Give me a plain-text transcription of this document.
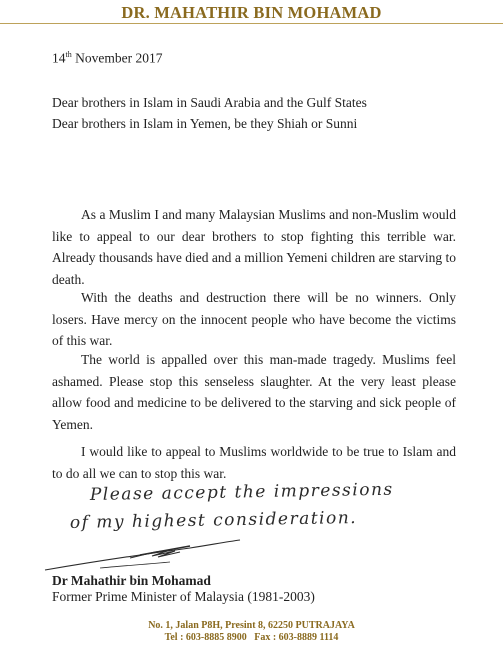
DR. MAHATHIR BIN MOHAMAD
14th November 2017
Dear brothers in Islam in Saudi Arabia and the Gulf States
Dear brothers in Islam in Yemen, be they Shiah or Sunni

As a Muslim I and many Malaysian Muslims and non-Muslim would like to appeal to our dear brothers to stop fighting this terrible war. Already thousands have died and a million Yemeni children are starving to death.

With the deaths and destruction there will be no winners. Only losers. Have mercy on the innocent people who have become the victims of this war.

The world is appalled over this man-made tragedy. Muslims feel ashamed. Please stop this senseless slaughter. At the very least please allow food and medicine to be delivered to the starving and sick people of Yemen.

I would like to appeal to Muslims worldwide to be true to Islam and to do all we can to stop this war.

Please accept the impressions
of my highest consideration.
Dr Mahathir bin Mohamad
Former Prime Minister of Malaysia (1981-2003)
No. 1, Jalan P8H, Presint 8, 62250 PUTRAJAYA
Tel : 603-8885 8900   Fax : 603-8889 1114
